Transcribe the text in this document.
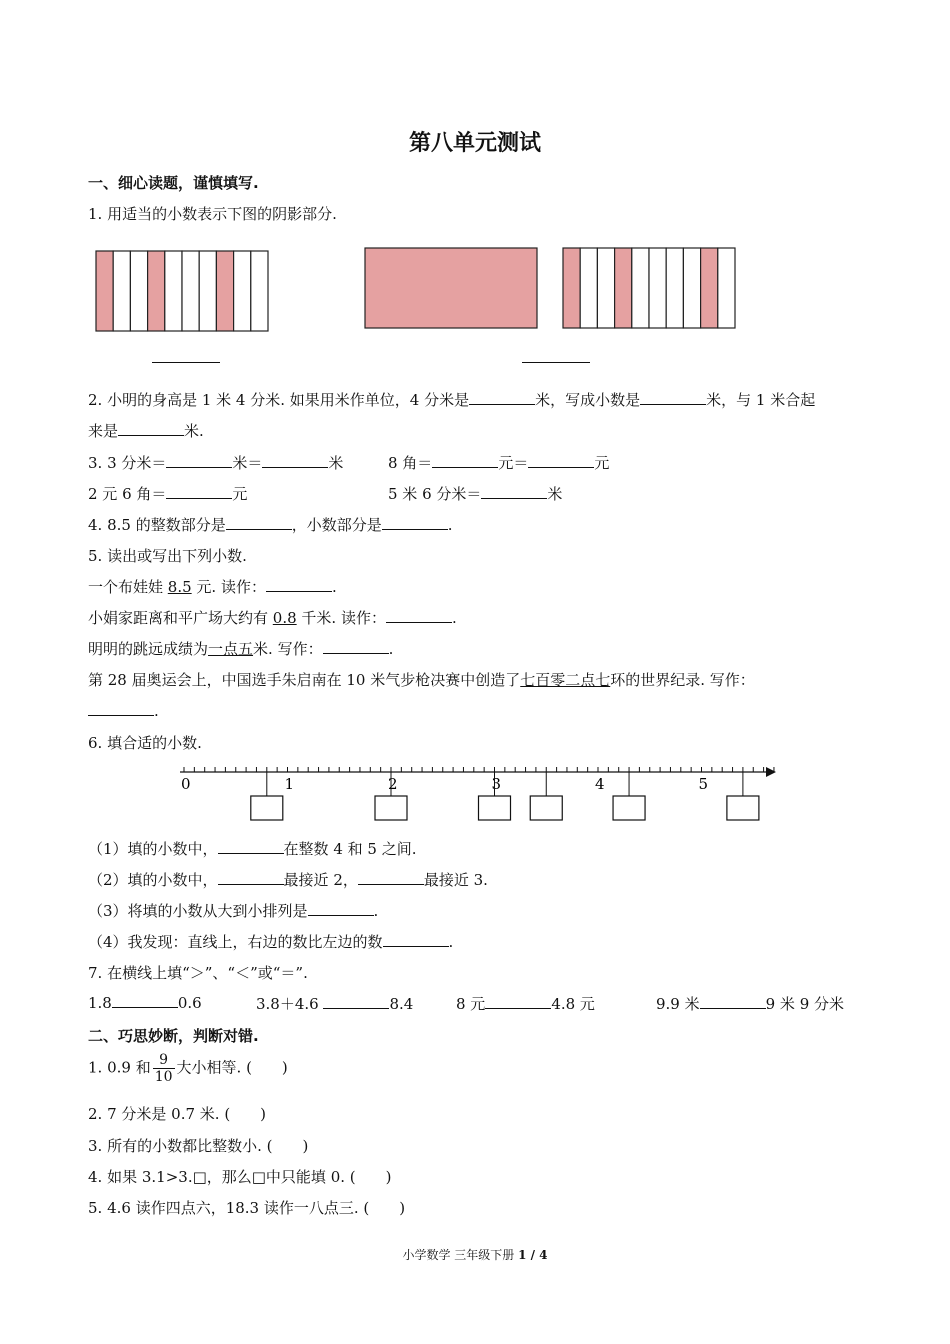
第八单元测试
一、细心读题，谨慎填写.
1. 用适当的小数表示下图的阴影部分.
2. 小明的身高是 1 米 4 分米. 如果用米作单位，4 分米是	米，写成小数是	米，与 1 米合起
来是	米.
3. 3 分米＝	米＝	米	8 角＝	元＝	元
2 元 6 角＝	元	5 米 6 分米＝	米
4. 8.5 的整数部分是	，小数部分是	.
5. 读出或写出下列小数.
一个布娃娃 8.5 元. 读作：	.
小娟家距离和平广场大约有 0.8 千米. 读作：	.
明明的跳远成绩为一点五米. 写作：	.
第 28 届奥运会上，中国选手朱启南在 10 米气步枪决赛中创造了七百零二点七环的世界纪录. 写作：
.
6. 填合适的小数.
0	1	2	3	4	5
（1）填的小数中，	在整数 4 和 5 之间.
（2）填的小数中，	最接近 2，	最接近 3.
（3）将填的小数从大到小排列是	.
（4）我发现：直线上，右边的数比左边的数	.
7. 在横线上填“＞”、“＜”或“＝”.
1.8	0.6	3.8＋4.6	8.4	8 元	4.8 元	9.9 米	9 米 9 分米
二、巧思妙断，判断对错.
1. 0.9 和 $\frac{9}{10}$ 大小相等. (　　)
2. 7 分米是 0.7 米. (　　)
3. 所有的小数都比整数小. (　　)
4. 如果 3.1>3.□，那么□中只能填 0. (　　)
5. 4.6 读作四点六，18.3 读作一八点三. (　　)
小学数学 三年级下册 1 / 4
